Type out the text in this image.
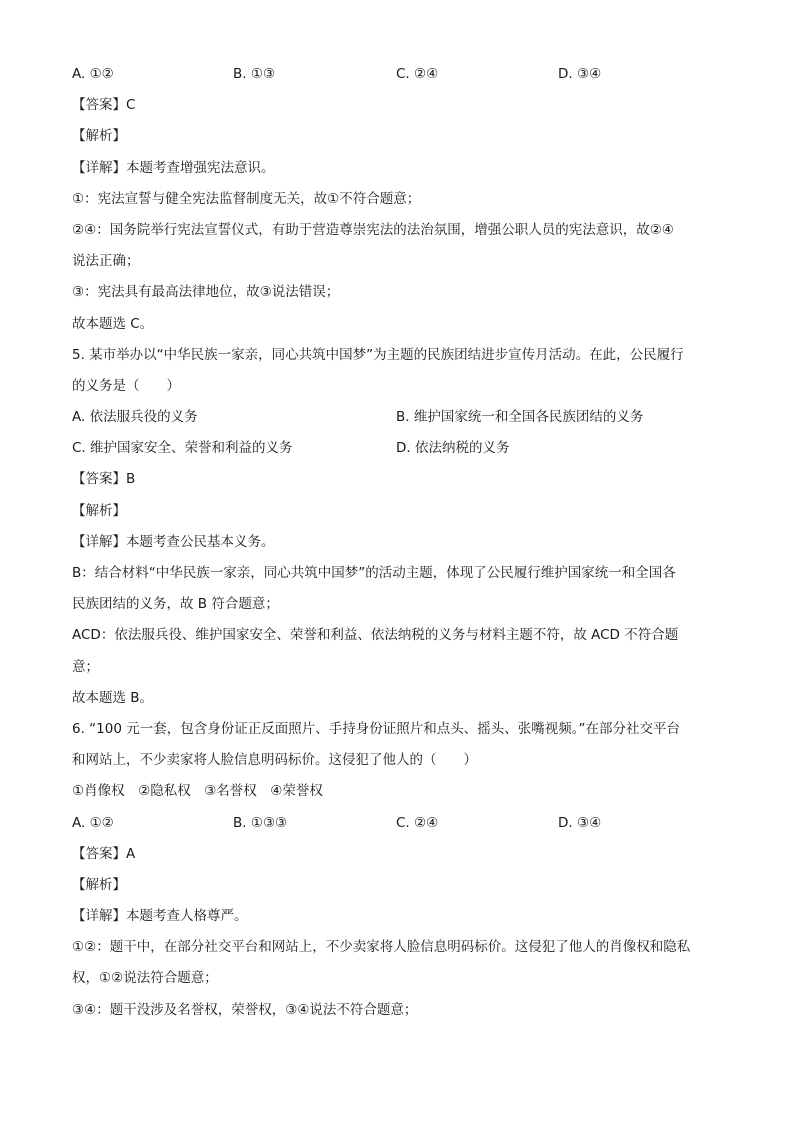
A. ①②	B. ①③	C. ②④	D. ③④
【答案】C
【解析】
【详解】本题考查增强宪法意识。
①：宪法宣誓与健全宪法监督制度无关，故①不符合题意；
②④：国务院举行宪法宣誓仪式，有助于营造尊崇宪法的法治氛围，增强公职人员的宪法意识，故②④
说法正确；
③：宪法具有最高法律地位，故③说法错误；
故本题选 C。
5. 某市举办以“中华民族一家亲，同心共筑中国梦”为主题的民族团结进步宣传月活动。在此，公民履行
的义务是（　　）
A. 依法服兵役的义务	B. 维护国家统一和全国各民族团结的义务
C. 维护国家安全、荣誉和利益的义务	D. 依法纳税的义务
【答案】B
【解析】
【详解】本题考查公民基本义务。
B：结合材料“中华民族一家亲，同心共筑中国梦”的活动主题，体现了公民履行维护国家统一和全国各
民族团结的义务，故 B 符合题意；
ACD：依法服兵役、维护国家安全、荣誉和利益、依法纳税的义务与材料主题不符，故 ACD 不符合题
意；
故本题选 B。
6. “100 元一套，包含身份证正反面照片、手持身份证照片和点头、摇头、张嘴视频。”在部分社交平台
和网站上，不少卖家将人脸信息明码标价。这侵犯了他人的（　　）
①肖像权　②隐私权　③名誉权　④荣誉权
A. ①②	B. ①③③	C. ②④	D. ③④
【答案】A
【解析】
【详解】本题考查人格尊严。
①②：题干中，在部分社交平台和网站上，不少卖家将人脸信息明码标价。这侵犯了他人的肖像权和隐私
权，①②说法符合题意；
③④：题干没涉及名誉权，荣誉权，③④说法不符合题意；
